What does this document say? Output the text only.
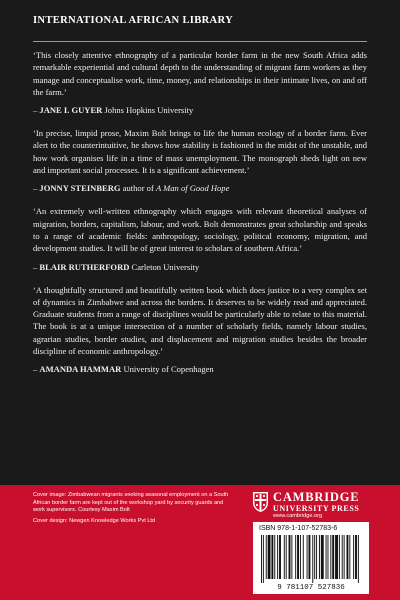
INTERNATIONAL AFRICAN LIBRARY

‘This closely attentive ethnography of a particular border farm in the new South Africa adds remarkable experiential and cultural depth to the understanding of migrant farm workers as they manage and conceptualise work, time, money, and relationships in their intimate lives, on and off the farm.’

– JANE I. GUYER Johns Hopkins University

‘In precise, limpid prose, Maxim Bolt brings to life the human ecology of a border farm. Ever alert to the counterintuitive, he shows how stability is fashioned in the midst of the unstable, and how work organises life in a time of mass unemployment. The monograph sheds light on new and important social processes. It is a significant achievement.’

– JONNY STEINBERG author of A Man of Good Hope

‘An extremely well-written ethnography which engages with relevant theoretical analyses of migration, borders, capitalism, labour, and work. Bolt demonstrates great scholarship and speaks to a range of academic fields: anthropology, sociology, political economy, migration, and development studies. It will be of great interest to scholars of southern Africa.’

– BLAIR RUTHERFORD Carleton University

‘A thoughtfully structured and beautifully written book which does justice to a very complex set of dynamics in Zimbabwe and across the borders. It deserves to be widely read and appreciated. Graduate students from a range of disciplines would be particularly able to relate to this material. The book is at a unique intersection of a number of scholarly fields, namely labour studies, agrarian studies, border studies, and displacement and migration studies besides the broader discipline of economic anthropology.’

– AMANDA HAMMAR University of Copenhagen

Cover image: Zimbabwean migrants seeking seasonal employment on a South African border farm are kept out of the workshop yard by security guards and work supervisors. Courtesy Maxim Bolt

Cover design: Newgen Knowledge Works Pvt Ltd

CAMBRIDGE
UNIVERSITY PRESS
www.cambridge.org
ISBN 978-1-107-52783-6
9 781107 527836
